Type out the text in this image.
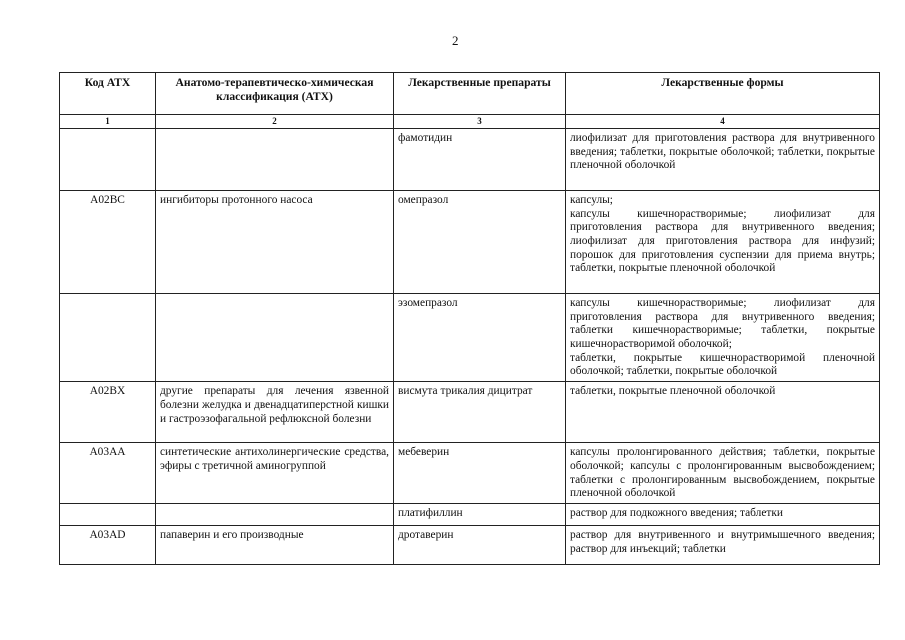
2
Код АТХ	Анатомо-терапевтическо-химическая классификация (АТХ)	Лекарственные препараты	Лекарственные формы
1	2	3	4
		фамотидин	лиофилизат для приготовления раствора для внутривенного введения; таблетки, покрытые оболочкой; таблетки, покрытые пленочной оболочкой
A02BC	ингибиторы протонного насоса	омепразол	капсулы;
капсулы кишечнорастворимые; лиофилизат для приготовления раствора для внутривенного введения; лиофилизат для приготовления раствора для инфузий; порошок для приготовления суспензии для приема внутрь; таблетки, покрытые пленочной оболочкой
		эзомепразол	капсулы кишечнорастворимые; лиофилизат для приготовления раствора для внутривенного введения; таблетки кишечнорастворимые; таблетки, покрытые кишечнорастворимой оболочкой;
таблетки, покрытые кишечнорастворимой пленочной оболочкой; таблетки, покрытые оболочкой
A02BX	другие препараты для лечения язвенной болезни желудка и двенадцатиперстной кишки и гастроэзофагальной рефлюксной болезни	висмута трикалия дицитрат	таблетки, покрытые пленочной оболочкой
A03AA	синтетические антихолинергические средства, эфиры с третичной аминогруппой	мебеверин	капсулы пролонгированного действия; таблетки, покрытые оболочкой; капсулы с пролонгированным высвобождением; таблетки с пролонгированным высвобождением, покрытые пленочной оболочкой
		платифиллин	раствор для подкожного введения; таблетки
A03AD	папаверин и его производные	дротаверин	раствор для внутривенного и внутримышечного введения; раствор для инъекций; таблетки
